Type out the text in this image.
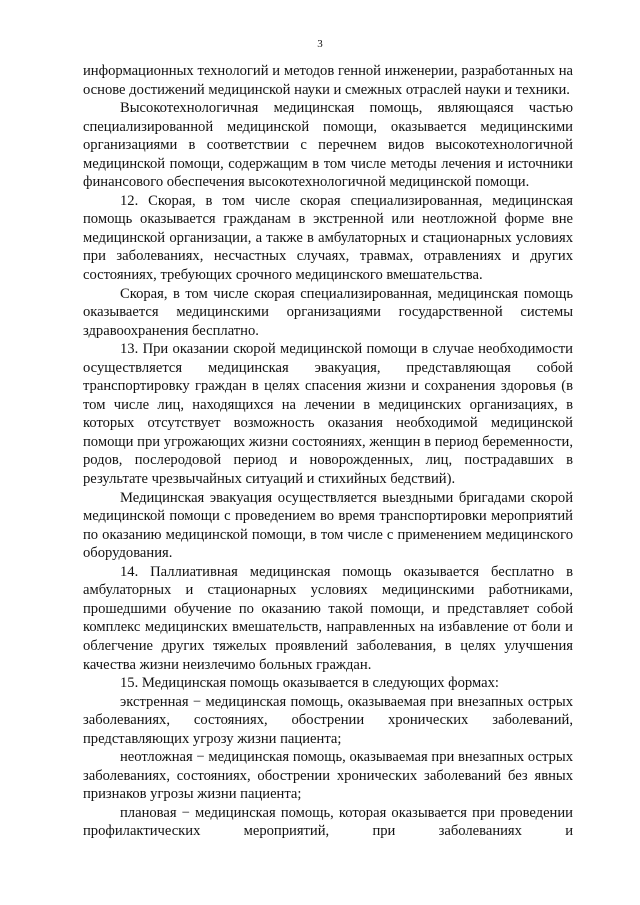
3

информационных технологий и методов генной инженерии, разработанных на основе достижений медицинской науки и смежных отраслей науки и техники.

Высокотехнологичная медицинская помощь, являющаяся частью специализированной медицинской помощи, оказывается медицинскими организациями в соответствии с перечнем видов высокотехнологичной медицинской помощи, содержащим в том числе методы лечения и источники финансового обеспечения высокотехнологичной медицинской помощи.

12. Скорая, в том числе скорая специализированная, медицинская помощь оказывается гражданам в экстренной или неотложной форме вне медицинской организации, а также в амбулаторных и стационарных условиях при заболеваниях, несчастных случаях, травмах, отравлениях и других состояниях, требующих срочного медицинского вмешательства.

Скорая, в том числе скорая специализированная, медицинская помощь оказывается медицинскими организациями государственной системы здравоохранения бесплатно.

13. При оказании скорой медицинской помощи в случае необходимости осуществляется медицинская эвакуация, представляющая собой транспортировку граждан в целях спасения жизни и сохранения здоровья (в том числе лиц, находящихся на лечении в медицинских организациях, в которых отсутствует возможность оказания необходимой медицинской помощи при угрожающих жизни состояниях, женщин в период беременности, родов, послеродовой период и новорожденных, лиц, пострадавших в результате чрезвычайных ситуаций и стихийных бедствий).

Медицинская эвакуация осуществляется выездными бригадами скорой медицинской помощи с проведением во время транспортировки мероприятий по оказанию медицинской помощи, в том числе с применением медицинского оборудования.

14. Паллиативная медицинская помощь оказывается бесплатно в амбулаторных и стационарных условиях медицинскими работниками, прошедшими обучение по оказанию такой помощи, и представляет собой комплекс медицинских вмешательств, направленных на избавление от боли и облегчение других тяжелых проявлений заболевания, в целях улучшения качества жизни неизлечимо больных граждан.

15. Медицинская помощь оказывается в следующих формах:

экстренная − медицинская помощь, оказываемая при внезапных острых заболеваниях, состояниях, обострении хронических заболеваний, представляющих угрозу жизни пациента;

неотложная − медицинская помощь, оказываемая при внезапных острых заболеваниях, состояниях, обострении хронических заболеваний без явных признаков угрозы жизни пациента;

плановая − медицинская помощь, которая оказывается при проведении профилактических мероприятий, при заболеваниях и
